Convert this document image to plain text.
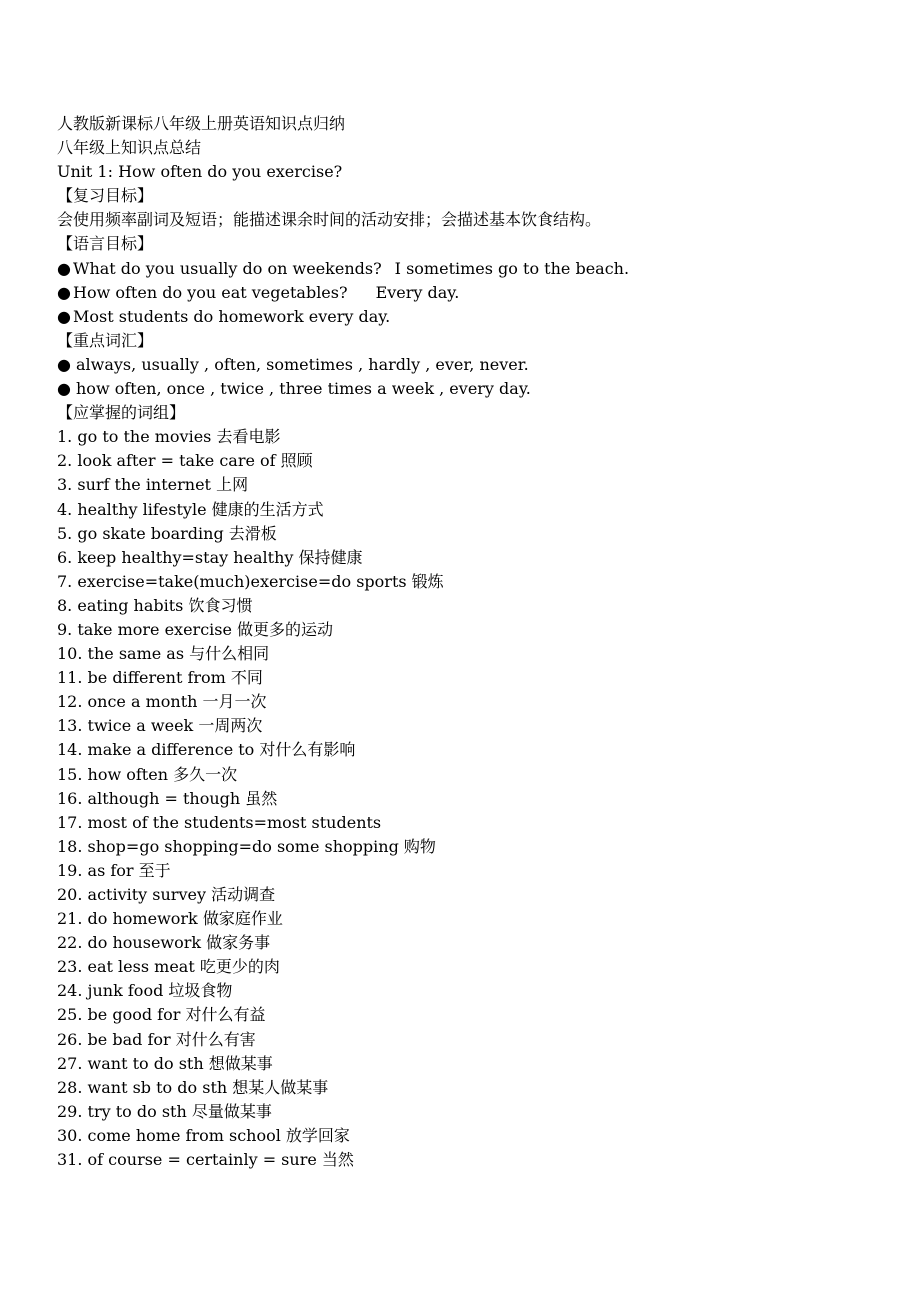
人教版新课标八年级上册英语知识点归纳
八年级上知识点总结
Unit 1: How often do you exercise?
【复习目标】
会使用频率副词及短语；能描述课余时间的活动安排；会描述基本饮食结构。
【语言目标】
● What do you usually do on weekends? I sometimes go to the beach.
● How often do you eat vegetables? Every day.
● Most students do homework every day.
【重点词汇】
● always, usually , often, sometimes , hardly , ever, never.
● how often, once , twice , three times a week , every day.
【应掌握的词组】
1. go to the movies 去看电影
2. look after = take care of 照顾
3. surf the internet 上网
4. healthy lifestyle 健康的生活方式
5. go skate boarding 去滑板
6. keep healthy=stay healthy 保持健康
7. exercise=take(much)exercise=do sports 锻炼
8. eating habits 饮食习惯
9. take more exercise 做更多的运动
10. the same as 与什么相同
11. be different from 不同
12. once a month 一月一次
13. twice a week 一周两次
14. make a difference to 对什么有影响
15. how often 多久一次
16. although = though 虽然
17. most of the students=most students
18. shop=go shopping=do some shopping 购物
19. as for 至于
20. activity survey 活动调查
21. do homework 做家庭作业
22. do housework 做家务事
23. eat less meat 吃更少的肉
24. junk food 垃圾食物
25. be good for 对什么有益
26. be bad for 对什么有害
27. want to do sth 想做某事
28. want sb to do sth 想某人做某事
29. try to do sth 尽量做某事
30. come home from school 放学回家
31. of course = certainly = sure 当然
